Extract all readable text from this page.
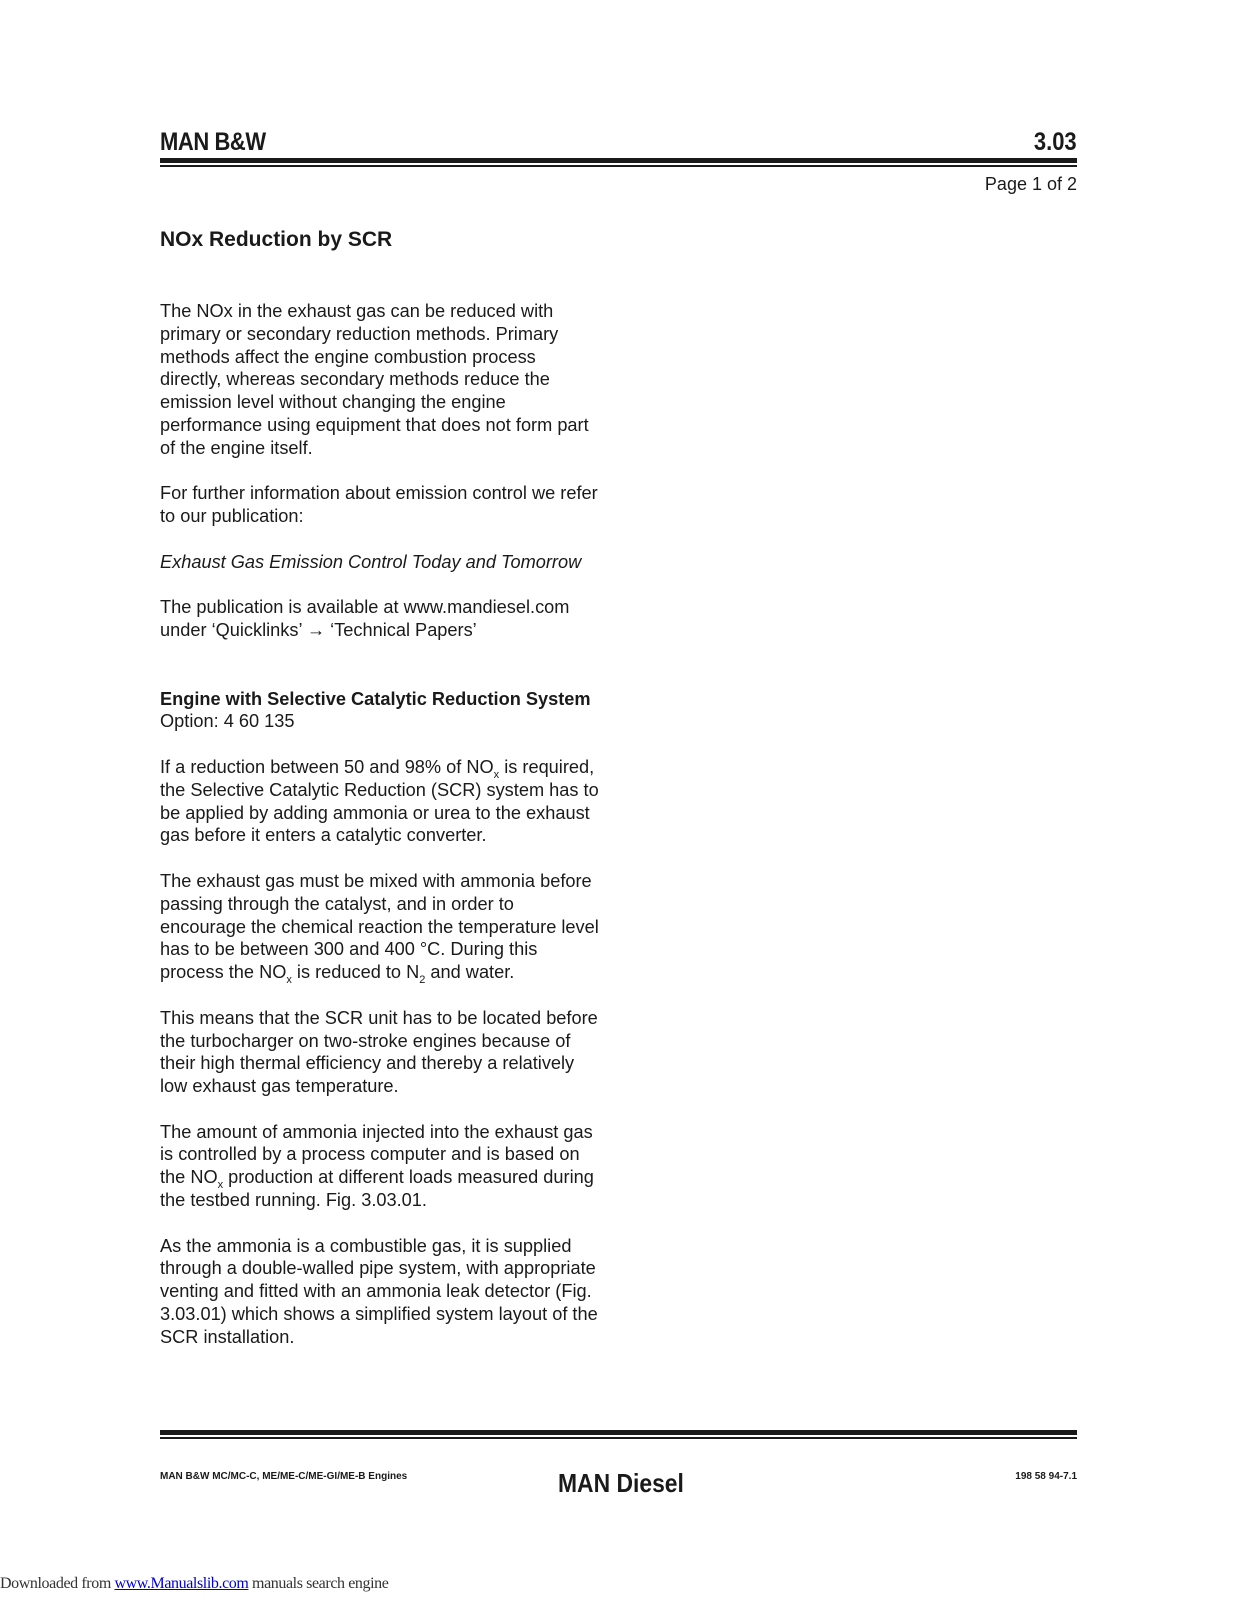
MAN B&W	3.03
Page 1 of 2
NOx Reduction by SCR

The NOx in the exhaust gas can be reduced with primary or secondary reduction methods. Primary methods affect the engine combustion process directly, whereas secondary methods reduce the emission level without changing the engine performance using equipment that does not form part of the engine itself.

For further information about emission control we refer to our publication:

Exhaust Gas Emission Control Today and Tomorrow

The publication is available at www.mandiesel.com under ‘Quicklinks’ → ‘Technical Papers’

Engine with Selective Catalytic Reduction System

Option: 4 60 135

If a reduction between 50 and 98% of $NO_x$ is required, the Selective Catalytic Reduction (SCR) system has to be applied by adding ammonia or urea to the exhaust gas before it enters a catalytic converter.

The exhaust gas must be mixed with ammonia before passing through the catalyst, and in order to encourage the chemical reaction the temperature level has to be between 300 and 400 °C. During this process the $NO_x$ is reduced to $N_2$ and water.

This means that the SCR unit has to be located before the turbocharger on two-stroke engines because of their high thermal efficiency and thereby a relatively low exhaust gas temperature.

The amount of ammonia injected into the exhaust gas is controlled by a process computer and is based on the $NO_x$ production at different loads measured during the testbed running. Fig. 3.03.01.

As the ammonia is a combustible gas, it is supplied through a double-walled pipe system, with appropriate venting and fitted with an ammonia leak detector (Fig. 3.03.01) which shows a simplified system layout of the SCR installation.

MAN B&W MC/MC-C, ME/ME-C/ME-GI/ME-B Engines	MAN Diesel	198 58 94-7.1
Downloaded from www.Manualslib.com manuals search engine
